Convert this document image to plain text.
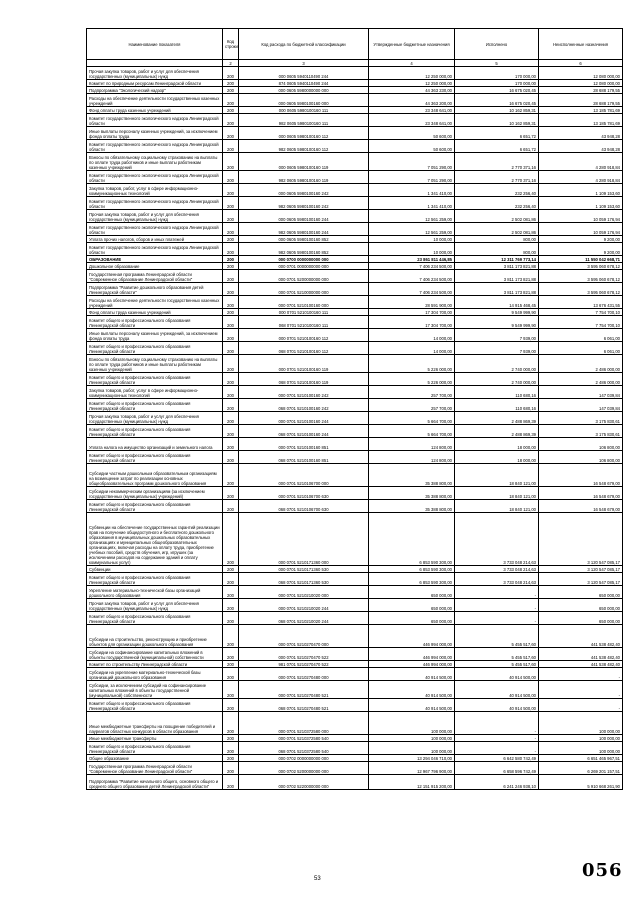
Наименование показателя	Код строки	Код расхода по бюджетной классификации	Утвержденные бюджетные назначения	Исполнено	Неисполненные назначения
	2	3	4	5	6
Прочая закупка товаров, работ и услуг для обеспечения государственных (муниципальных) нужд	200	000 0605 5940110490 244	12 250 000,00	170 000,00	12 080 000,00
Комитет по природным ресурсам Ленинградской области	200	874 0605 5940110490 244	12 250 000,00	170 000,00	12 080 000,00
Подпрограмма "Экологический надзор"	200	000 0605 5980000000 000	44 363 230,00	16 675 020,45	28 688 179,55
Расходы на обеспечение деятельности государственных казенных учреждений	200	000 0605 5980100160 000	44 363 200,00	16 675 020,45	28 688 179,55
Фонд оплаты труда казенных учреждений	200	000 0605 5980100160 111	23 348 641,00	10 162 859,31	13 185 781,69
Комитет государственного экологического надзора Ленинградской области	200	982 0605 5980100160 111	23 348 641,00	10 162 859,31	13 185 781,69
Иные выплаты персоналу казенных учреждений, за исключением фонда оплаты труда	200	000 0605 5980100160 112	50 600,00	6 651,72	43 948,28
Комитет государственного экологического надзора Ленинградской области	200	982 0605 5980100160 112	50 600,00	6 651,72	43 948,28
Взносы по обязательному социальному страхованию на выплаты по оплате труда работников и иные выплаты работникам казенных учреждений	200	000 0605 5980100160 119	7 051 290,00	2 770 371,16	4 280 918,84
Комитет государственного экологического надзора Ленинградской области	200	982 0605 5980100160 119	7 051 290,00	2 770 371,16	4 280 918,84
Закупка товаров, работ, услуг в сфере информационно-коммуникационных технологий	200	000 0605 5980100160 242	1 341 410,00	232 256,40	1 109 153,60
Комитет государственного экологического надзора Ленинградской области	200	982 0605 5980100160 242	1 341 410,00	232 256,40	1 109 153,60
Прочая закупка товаров, работ и услуг для обеспечения государственных (муниципальных) нужд	200	000 0605 5980100160 244	12 561 259,00	2 502 081,86	10 059 176,94
Комитет государственного экологического надзора Ленинградской области	200	982 0605 5980100160 244	12 561 259,00	2 502 081,86	10 059 176,94
Уплата прочих налогов, сборов и иных платежей	200	000 0605 5980100160 852	10 000,00	800,00	9 200,00
Комитет государственного экологического надзора Ленинградской области	200	982 0605 5980100160 852	10 000,00	800,00	9 200,00
ОБРАЗОВАНИЕ	200	000 0700 0000000000 000	23 861 811 446,85	12 311 769 773,14	11 550 042 668,71
Дошкольное образование	200	000 0701 0000000000 000	7 406 234 500,00	3 811 173 821,88	3 595 060 678,12
Государственная программа Ленинградской области "Современное образование Ленинградской области"	200	000 0701 5200000000 000	7 406 234 500,00	3 811 173 821,88	3 595 060 678,12
Подпрограмма "Развитие дошкольного образования детей Ленинградской области"	200	000 0701 5210000000 000	7 406 234 500,00	3 811 173 821,88	3 595 060 678,12
Расходы на обеспечение деятельности государственных казенных учреждений	200	000 0701 5210100160 000	28 591 900,00	14 915 468,45	13 676 431,55
Фонд оплаты труда казенных учреждений	200	000 0701 5210100160 111	17 304 700,00	9 549 999,90	7 754 700,10
Комитет общего и профессионального образования Ленинградской области	200	068 0701 5210100160 111	17 304 700,00	9 549 999,90	7 754 700,10
Иные выплаты персоналу казенных учреждений, за исключением фонда оплаты труда	200	000 0701 5210100160 112	14 000,00	7 939,00	6 061,00
Комитет общего и профессионального образования Ленинградской области	200	068 0701 5210100160 112	14 000,00	7 939,00	6 061,00
Взносы по обязательному социальному страхованию на выплаты по оплате труда работников и иные выплаты работникам казенных учреждений	200	000 0701 5210100160 119	5 226 000,00	2 740 000,00	2 486 000,00
Комитет общего и профессионального образования Ленинградской области	200	068 0701 5210100160 119	5 226 000,00	2 740 000,00	2 486 000,00
Закупка товаров, работ, услуг в сфере информационно-коммуникационных технологий	200	000 0701 5210100160 242	257 700,00	110 680,16	147 039,84
Комитет общего и профессионального образования Ленинградской области	200	068 0701 5210100160 242	257 700,00	110 680,16	147 039,84
Прочая закупка товаров, работ и услуг для обеспечения государственных (муниципальных) нужд	200	000 0701 5210100160 244	5 664 700,00	2 488 869,39	3 175 830,61
Комитет общего и профессионального образования Ленинградской области	200	068 0701 5210100160 244	5 664 700,00	2 488 869,39	3 175 830,61
Уплата налога на имущество организаций и земельного налога	200	000 0701 5210100160 851	124 800,00	18 000,00	106 800,00
Комитет общего и профессионального образования Ленинградской области	200	068 0701 5210100160 851	124 800,00	18 000,00	106 800,00
Субсидии частным дошкольным образовательным организациям на возмещение затрат по реализации основных общеобразовательных программ дошкольного образования	200	000 0701 5210106700 000	35 388 800,00	18 840 121,00	16 548 679,00
Субсидии некоммерческим организациям (за исключением государственных (муниципальных) учреждений)	200	000 0701 5210106700 630	35 388 800,00	18 840 121,00	16 548 679,00
Комитет общего и профессионального образования Ленинградской области	200	068 0701 5210106700 630	35 388 800,00	18 840 121,00	16 548 679,00
Субвенции на обеспечение государственных гарантий реализации прав на получение общедоступного и бесплатного дошкольного образования в муниципальных дошкольных образовательных организациях и муниципальных общеобразовательных организациях, включая расходы на оплату труда, приобретение учебных пособий, средств обучения, игр, игрушек (за исключением расходов на содержание зданий и оплату коммунальных услуг)	200	000 0701 5210171360 000	6 853 590 300,00	3 733 048 214,63	3 120 547 085,17
Субвенции	200	000 0701 5210171360 530	6 853 590 300,00	3 733 048 214,63	3 120 547 085,17
Комитет общего и профессионального образования Ленинградской области	200	068 0701 5210171360 530	6 853 590 300,00	3 733 048 214,63	3 120 547 085,17
Укрепление материально-технической базы организаций дошкольного образования	200	000 0701 5210210020 000	650 000,00	-	650 000,00
Прочая закупка товаров, работ и услуг для обеспечения государственных (муниципальных) нужд	200	000 0701 5210210020 244	650 000,00	-	650 000,00
Комитет общего и профессионального образования Ленинградской области	200	068 0701 5210210020 244	650 000,00	-	650 000,00
Субсидии на строительство, реконструкцию и приобретение объектов для организации дошкольного образования	200	000 0701 5210270470 000	446 994 000,00	5 455 517,60	441 538 482,40
Субсидии на софинансирование капитальных вложений в объекты государственной (муниципальной) собственности	200	000 0701 5210270470 522	446 994 000,00	5 455 517,60	441 538 482,40
Комитет по строительству Ленинградской области	200	981 0701 5210270470 522	446 994 000,00	5 455 517,60	441 538 482,40
Субсидии на укрепление материально-технической базы организаций дошкольного образования	200	000 0701 5210270480 000	40 914 500,00	40 914 500,00	-
Субсидии, за исключением субсидий на софинансирование капитальных вложений в объекты государственной (муниципальной) собственности	200	000 0701 5210270480 521	40 914 500,00	40 914 500,00	-
Комитет общего и профессионального образования Ленинградской области	200	068 0701 5210270480 521	40 914 500,00	40 914 500,00	-
Иные межбюджетные трансферты на поощрение победителей и лауреатов областных конкурсов в области образования	200	000 0701 5210372580 000	100 000,00	-	100 000,00
Иные межбюджетные трансферты	200	000 0701 5210372580 540	100 000,00	-	100 000,00
Комитет общего и профессионального образования Ленинградской области	200	068 0701 5210372580 540	100 000,00	-	100 000,00
Общее образование	200	000 0702 0000000000 000	13 294 046 710,00	6 642 580 742,49	6 651 465 967,51
Государственная программа Ленинградской области "Современное образование Ленинградской области"	200	000 0702 5200000000 000	12 967 796 900,00	6 658 596 742,49	6 269 201 157,51
Подпрограмма "Развитие начального общего, основного общего и среднего общего образования детей Ленинградской области"	200	000 0702 5220000000 000	12 151 915 200,00	6 241 246 938,10	5 910 668 261,90
53	056
